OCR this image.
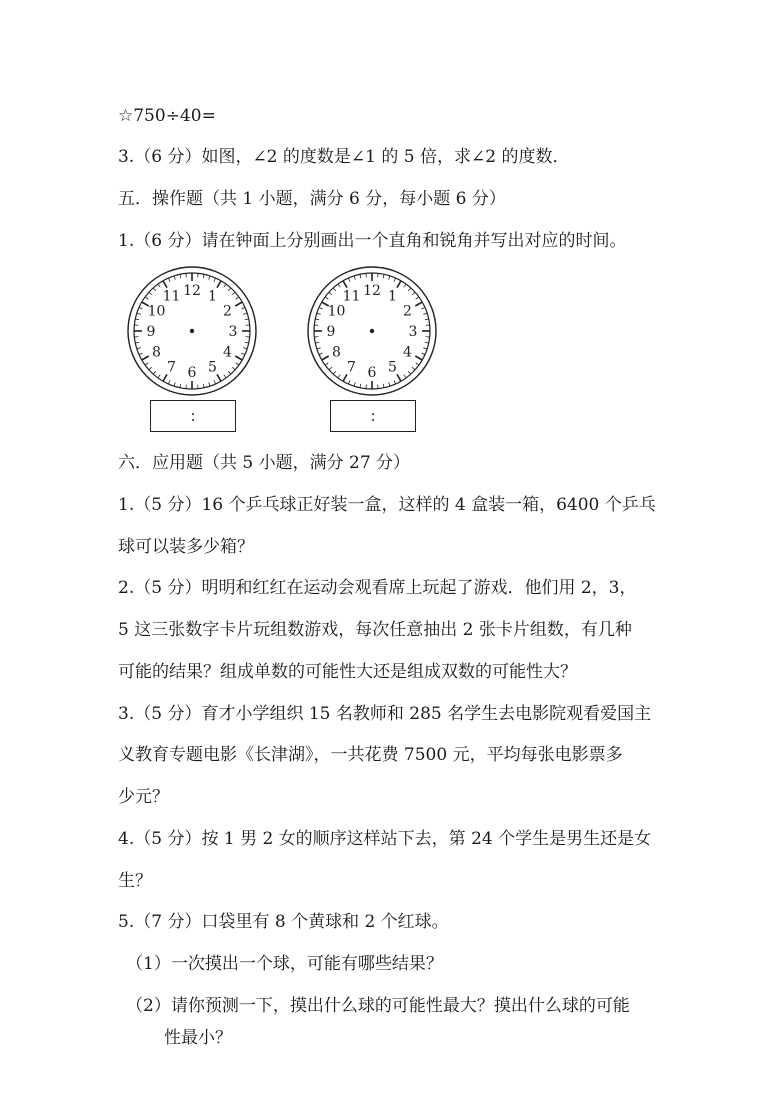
☆750÷40=
3.（6 分）如图，∠2 的度数是∠1 的 5 倍，求∠2 的度数．
五．操作题（共 1 小题，满分 6 分，每小题 6 分）
1.（6 分）请在钟面上分别画出一个直角和锐角并写出对应的时间。
12 1
2
3
4
5
6
7
8
9
10
11
:
12 1
2
3
4
5
6
7
8
9
10
11
:
六．应用题（共 5 小题，满分 27 分）
1.（5 分）16 个乒乓球正好装一盒，这样的 4 盒装一箱，6400 个乒乓
球可以装多少箱？
2.（5 分）明明和红红在运动会观看席上玩起了游戏．他们用 2，3，
5 这三张数字卡片玩组数游戏，每次任意抽出 2 张卡片组数，有几种
可能的结果？组成单数的可能性大还是组成双数的可能性大？
3.（5 分）育才小学组织 15 名教师和 285 名学生去电影院观看爱国主
义教育专题电影《长津湖》，一共花费 7500 元，平均每张电影票多
少元？
4.（5 分）按 1 男 2 女的顺序这样站下去，第 24 个学生是男生还是女
生？
5.（7 分）口袋里有 8 个黄球和 2 个红球。
（1）一次摸出一个球，可能有哪些结果？
（2）请你预测一下，摸出什么球的可能性最大？摸出什么球的可能
性最小？
